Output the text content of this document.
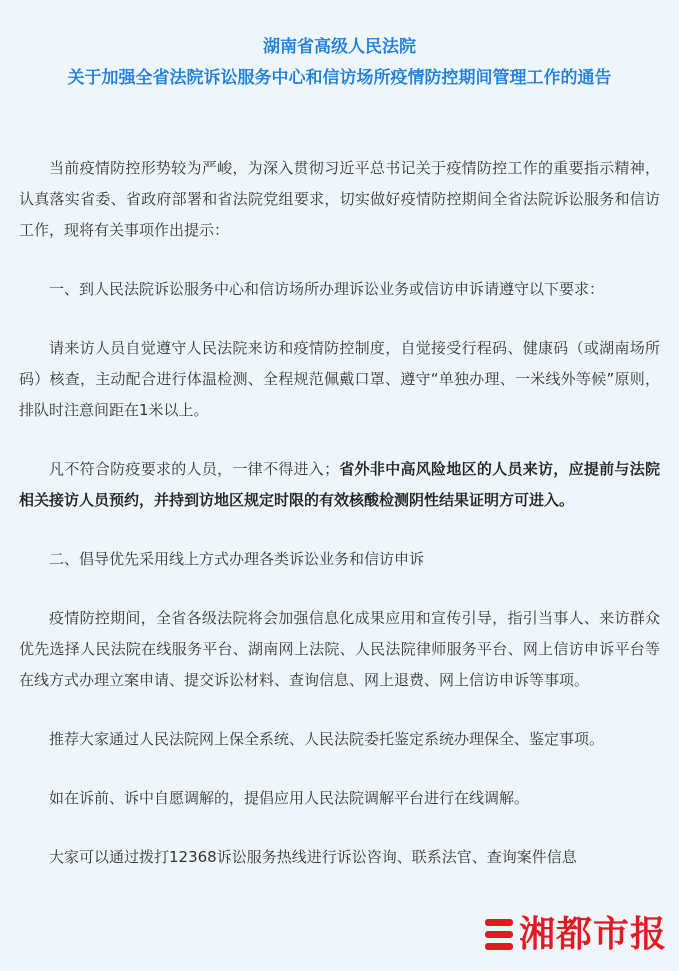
湖南省高级人民法院
关于加强全省法院诉讼服务中心和信访场所疫情防控期间管理工作的通告

当前疫情防控形势较为严峻，为深入贯彻习近平总书记关于疫情防控工作的重要指示精神，认真落实省委、省政府部署和省法院党组要求，切实做好疫情防控期间全省法院诉讼服务和信访工作，现将有关事项作出提示：

一、到人民法院诉讼服务中心和信访场所办理诉讼业务或信访申诉请遵守以下要求：

请来访人员自觉遵守人民法院来访和疫情防控制度，自觉接受行程码、健康码（或湖南场所码）核查，主动配合进行体温检测、全程规范佩戴口罩、遵守“单独办理、一米线外等候”原则，排队时注意间距在1米以上。

凡不符合防疫要求的人员，一律不得进入；省外非中高风险地区的人员来访，应提前与法院相关接访人员预约，并持到访地区规定时限的有效核酸检测阴性结果证明方可进入。

二、倡导优先采用线上方式办理各类诉讼业务和信访申诉

疫情防控期间，全省各级法院将会加强信息化成果应用和宣传引导，指引当事人、来访群众优先选择人民法院在线服务平台、湖南网上法院、人民法院律师服务平台、网上信访申诉平台等在线方式办理立案申请、提交诉讼材料、查询信息、网上退费、网上信访申诉等事项。

推荐大家通过人民法院网上保全系统、人民法院委托鉴定系统办理保全、鉴定事项。

如在诉前、诉中自愿调解的，提倡应用人民法院调解平台进行在线调解。

大家可以通过拨打12368诉讼服务热线进行诉讼咨询、联系法官、查询案件信息

湘都市报
